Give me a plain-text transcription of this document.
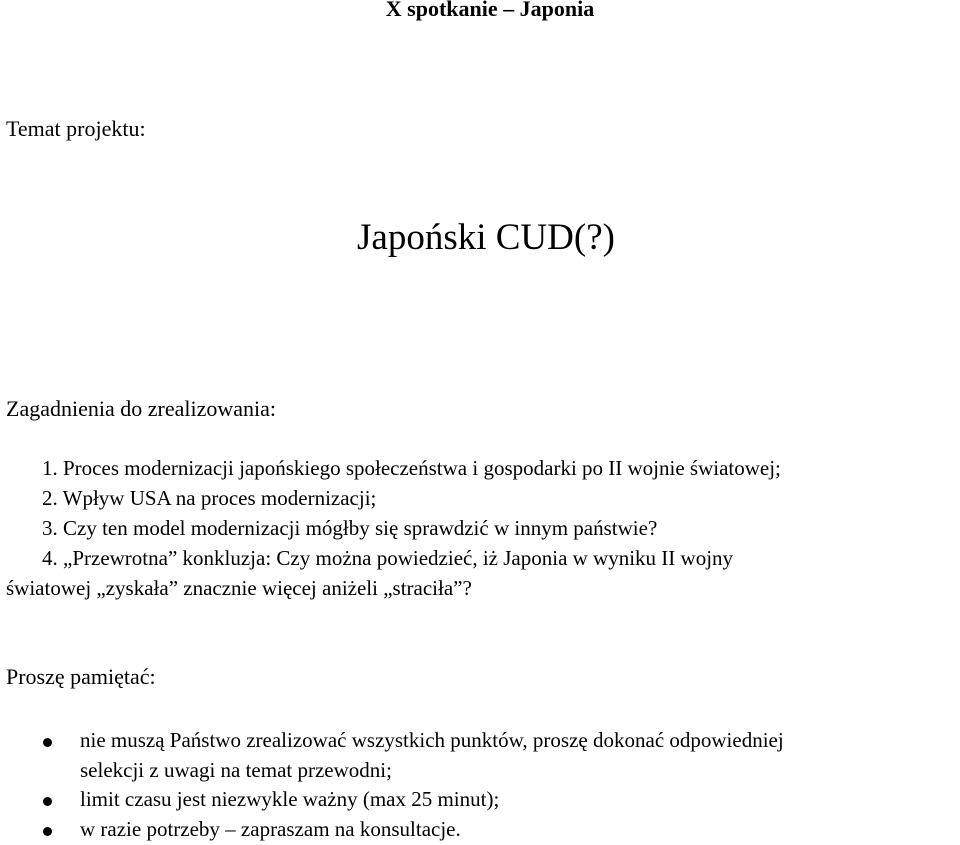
X spotkanie – Japonia
Temat projektu:
Japoński CUD(?)
Zagadnienia do zrealizowania:
1. Proces modernizacji japońskiego społeczeństwa i gospodarki po II wojnie światowej;
2. Wpływ USA na proces modernizacji;
3. Czy ten model modernizacji mógłby się sprawdzić w innym państwie?
4. „Przewrotna” konkluzja: Czy można powiedzieć, iż Japonia w wyniku II wojny
światowej „zyskała” znacznie więcej aniżeli „straciła”?
Proszę pamiętać:
nie muszą Państwo zrealizować wszystkich punktów, proszę dokonać odpowiedniej
selekcji z uwagi na temat przewodni;
limit czasu jest niezwykle ważny (max 25 minut);
w razie potrzeby – zapraszam na konsultacje.
